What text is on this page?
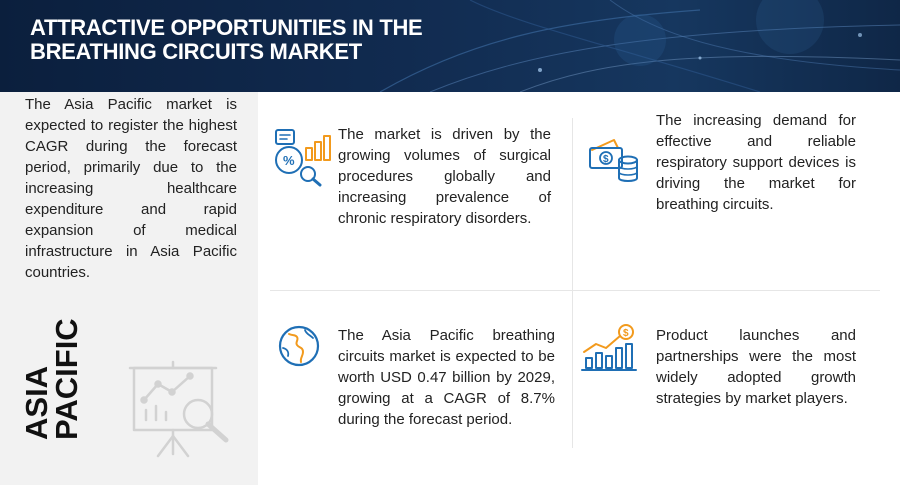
ATTRACTIVE OPPORTUNITIES IN THE
BREATHING CIRCUITS MARKET

The Asia Pacific market is expected to register the highest CAGR during the forecast period, primarily due to the increasing healthcare expenditure and rapid expansion of medical infrastructure in Asia Pacific countries.

ASIA
PACIFIC
%

The market is driven by the growing volumes of surgical procedures globally and increasing prevalence of chronic respiratory disorders.

$

The increasing demand for effective and reliable respiratory support devices is driving the market for breathing circuits.

The Asia Pacific breathing circuits market is expected to be worth USD 0.47 billion by 2029, growing at a CAGR of 8.7% during the forecast period.

$ Product launches and partnerships were the most widely adopted growth strategies by market players.
